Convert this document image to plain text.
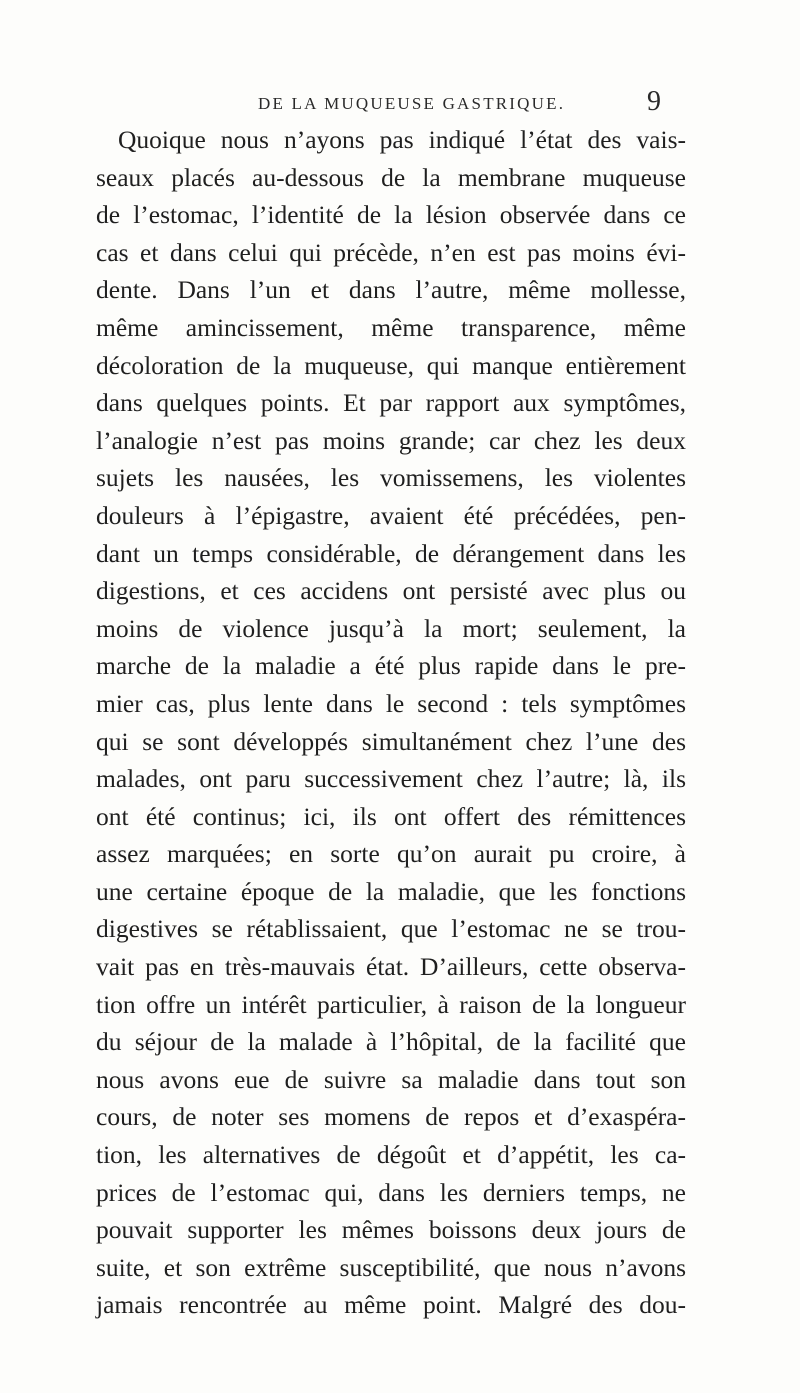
DE LA MUQUEUSE GASTRIQUE.	9
Quoique nous n’ayons pas indiqué l’état des vais-
seaux placés au-dessous de la membrane muqueuse
de l’estomac, l’identité de la lésion observée dans ce
cas et dans celui qui précède, n’en est pas moins évi-
dente. Dans l’un et dans l’autre, même mollesse,
même amincissement, même transparence, même
décoloration de la muqueuse, qui manque entièrement
dans quelques points. Et par rapport aux symptômes,
l’analogie n’est pas moins grande; car chez les deux
sujets les nausées, les vomissemens, les violentes
douleurs à l’épigastre, avaient été précédées, pen-
dant un temps considérable, de dérangement dans les
digestions, et ces accidens ont persisté avec plus ou
moins de violence jusqu’à la mort; seulement, la
marche de la maladie a été plus rapide dans le pre-
mier cas, plus lente dans le second : tels symptômes
qui se sont développés simultanément chez l’une des
malades, ont paru successivement chez l’autre; là, ils
ont été continus; ici, ils ont offert des rémittences
assez marquées; en sorte qu’on aurait pu croire, à
une certaine époque de la maladie, que les fonctions
digestives se rétablissaient, que l’estomac ne se trou-
vait pas en très-mauvais état. D’ailleurs, cette observa-
tion offre un intérêt particulier, à raison de la longueur
du séjour de la malade à l’hôpital, de la facilité que
nous avons eue de suivre sa maladie dans tout son
cours, de noter ses momens de repos et d’exaspéra-
tion, les alternatives de dégoût et d’appétit, les ca-
prices de l’estomac qui, dans les derniers temps, ne
pouvait supporter les mêmes boissons deux jours de
suite, et son extrême susceptibilité, que nous n’avons
jamais rencontrée au même point. Malgré des dou-
